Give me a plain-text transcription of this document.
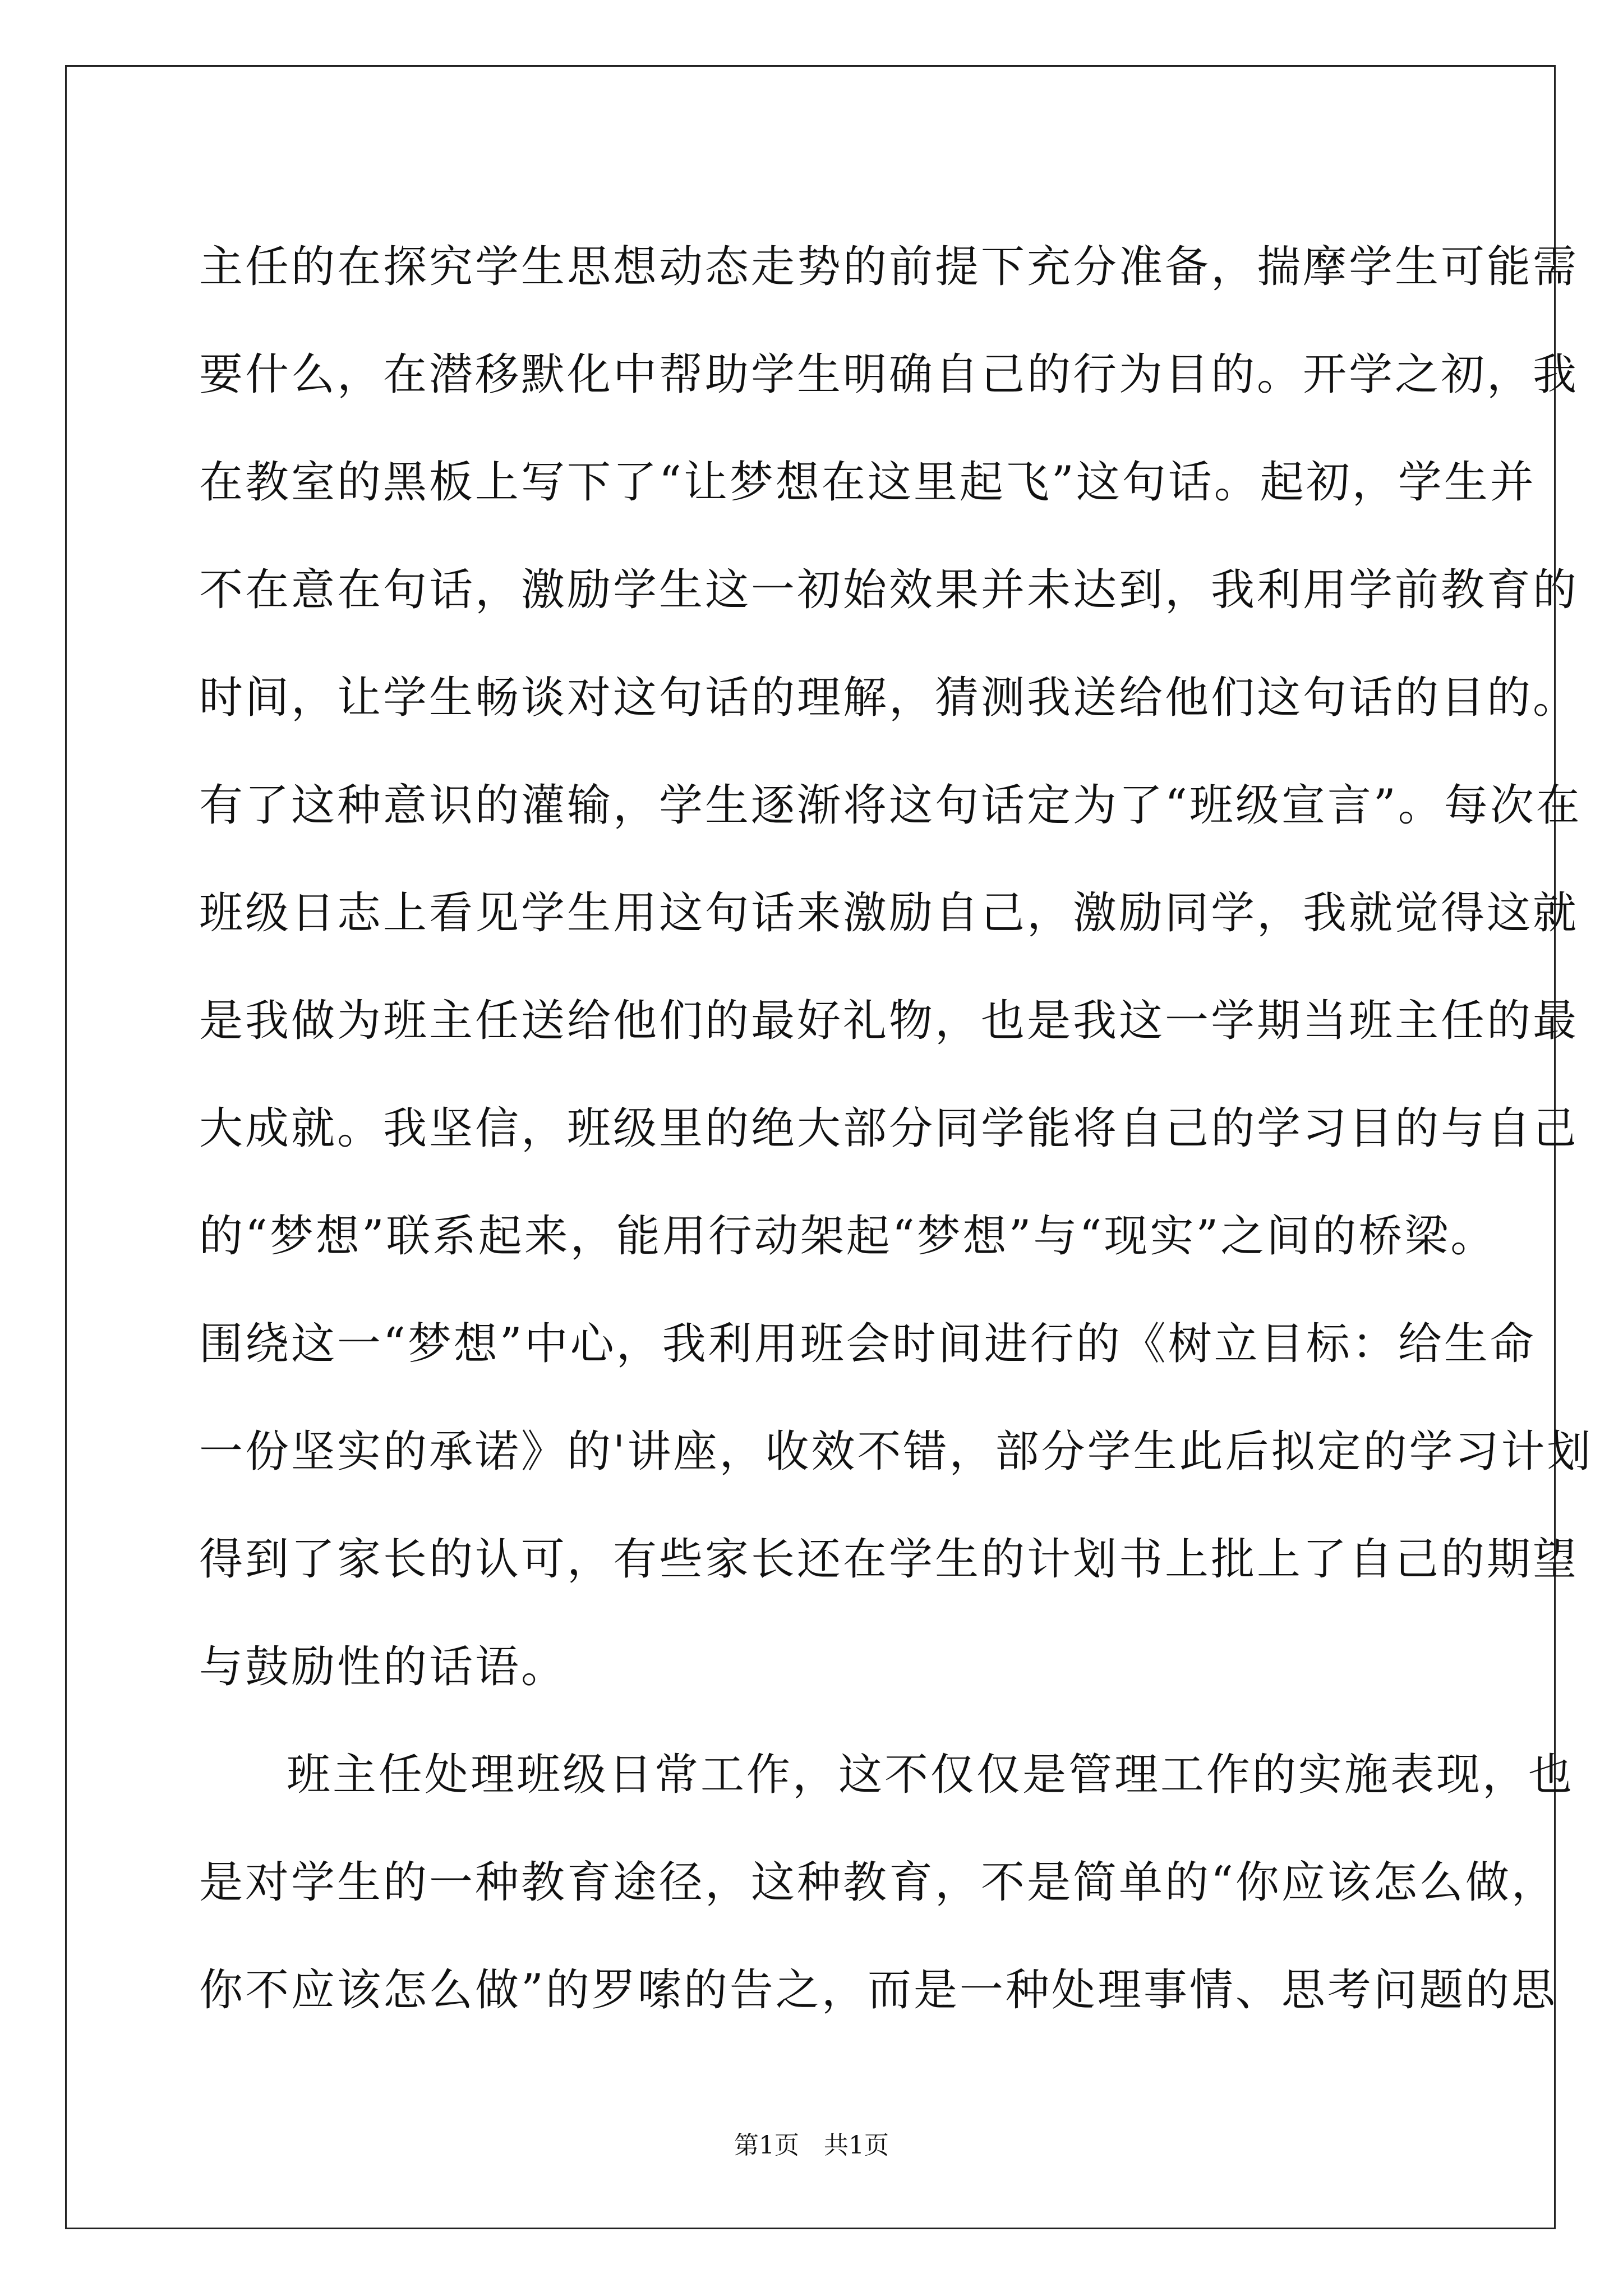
主任的在探究学生思想动态走势的前提下充分准备，揣摩学生可能需
要什么，在潜移默化中帮助学生明确自己的行为目的。开学之初，我
在教室的黑板上写下了“让梦想在这里起飞”这句话。起初，学生并
不在意在句话，激励学生这一初始效果并未达到，我利用学前教育的
时间，让学生畅谈对这句话的理解，猜测我送给他们这句话的目的。
有了这种意识的灌输，学生逐渐将这句话定为了“班级宣言”。每次在
班级日志上看见学生用这句话来激励自己，激励同学，我就觉得这就
是我做为班主任送给他们的最好礼物，也是我这一学期当班主任的最
大成就。我坚信，班级里的绝大部分同学能将自己的学习目的与自己
的“梦想”联系起来，能用行动架起“梦想”与“现实”之间的桥梁。
围绕这一“梦想”中心，我利用班会时间进行的《树立目标：给生命
一份坚实的承诺》的'讲座，收效不错，部分学生此后拟定的学习计划
得到了家长的认可，有些家长还在学生的计划书上批上了自己的期望
与鼓励性的话语。
班主任处理班级日常工作，这不仅仅是管理工作的实施表现，也
是对学生的一种教育途径，这种教育，不是简单的“你应该怎么做，
你不应该怎么做”的罗嗦的告之，而是一种处理事情、思考问题的思
第1页　共1页
